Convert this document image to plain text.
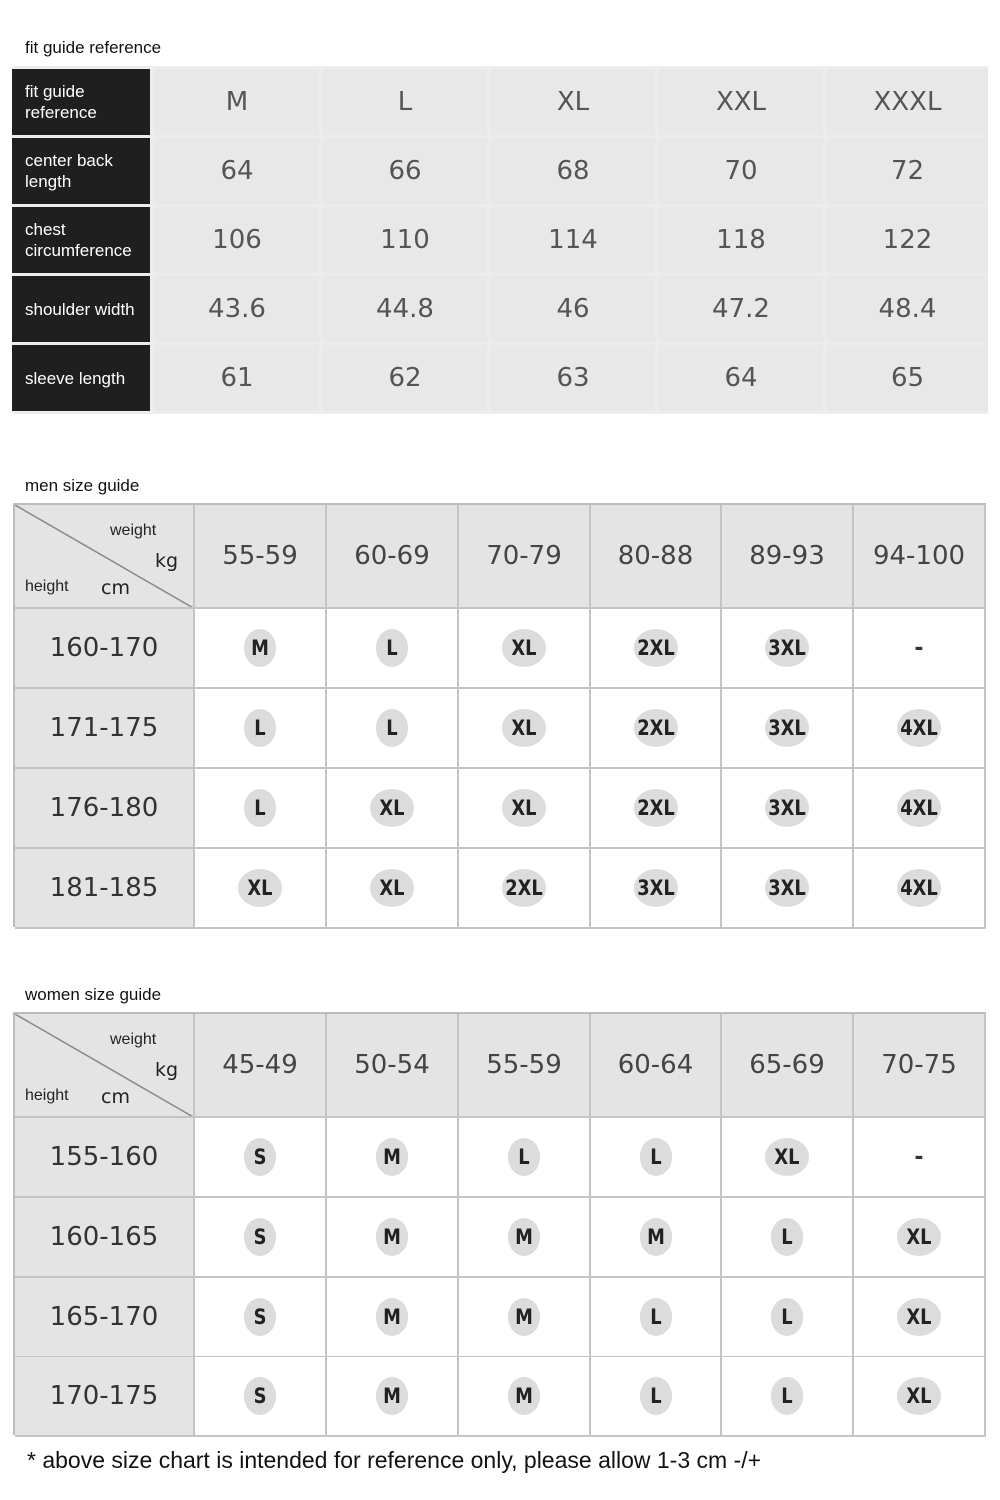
fit guide reference
fit guide reference	M	L	XL	XXL	XXXL
center back length	64	66	68	70	72
chest circumference	106	110	114	118	122
shoulder width	43.6	44.8	46	47.2	48.4
sleeve length	61	62	63	64	65
men size guide
weight
kg
height cm
55-59	60-69	70-79	80-88	89-93	94-100
160-170	M	L	XL	2XL	3XL	-
171-175	L	L	XL	2XL	3XL	4XL
176-180	L	XL	XL	2XL	3XL	4XL
181-185	XL	XL	2XL	3XL	3XL	4XL
women size guide
weight
kg
height cm
45-49	50-54	55-59	60-64	65-69	70-75
155-160	S	M	L	L	XL	-
160-165	S	M	M	M	L	XL
165-170	S	M	M	L	L	XL
170-175	S	M	M	L	L	XL
* above size chart is intended for reference only, please allow 1-3 cm -/+
